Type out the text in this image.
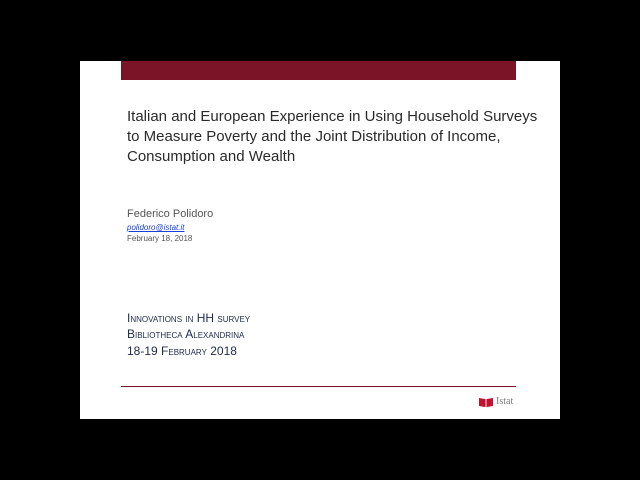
Italian and European Experience in Using Household Surveys to Measure Poverty and the Joint Distribution of Income, Consumption and Wealth
Federico Polidoro
polidoro@istat.it
February 18, 2018
Innovations in HH survey
Bibliotheca Alexandrina
18-19 February 2018
Istat
